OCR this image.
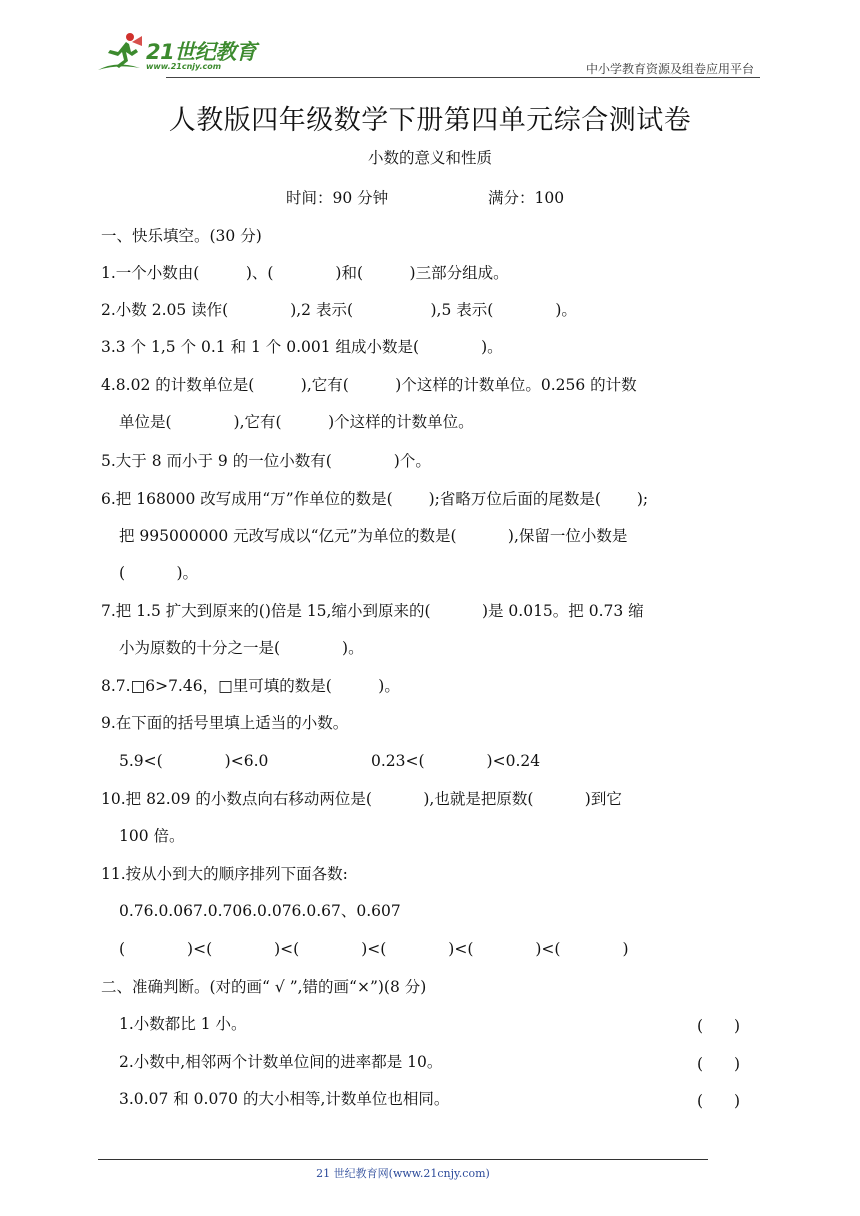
21世纪教育
www.21cnjy.com	中小学教育资源及组卷应用平台
人教版四年级数学下册第四单元综合测试卷
小数的意义和性质
时间：90 分钟	满分：100
一、快乐填空。(30 分)
1.一个小数由(　　　)、(　　　　)和(　　　)三部分组成。
2.小数 2.05 读作(　　　　),2 表示(　　　　　),5 表示(　　　　)。
3.3 个 1,5 个 0.1 和 1 个 0.001 组成小数是(　　　　)。
4.8.02 的计数单位是(　　　),它有(　　　)个这样的计数单位。0.256 的计数
单位是(　　　　),它有(　　　)个这样的计数单位。
5.大于 8 而小于 9 的一位小数有(　　　　)个。
6.把 168000 改写成用“万”作单位的数是(　　 );省略万位后面的尾数是(　　 );
把 995000000 元改写成以“亿元”为单位的数是(　　　 ),保留一位小数是
(　　　 )。
7.把 1.5 扩大到原来的()倍是 15,缩小到原来的(　　　 )是 0.015。把 0.73 缩
小为原数的十分之一是(　　　　)。
8.7.□6>7.46，□里可填的数是(　　　)。
9.在下面的括号里填上适当的小数。
5.9<(　　　　)<6.0	0.23<(　　　　)<0.24
10.把 82.09 的小数点向右移动两位是(　　　 ),也就是把原数(　　　 )到它
100 倍。
11.按从小到大的顺序排列下面各数:
0.76.0.067.0.706.0.076.0.67、0.607
(　　　　)<(　　　　)<(　　　　)<(　　　　)<(　　　　)<(　　　　)
二、准确判断。(对的画“ √ ”,错的画“×”)(8 分)
1.小数都比 1 小。	(　　)
2.小数中,相邻两个计数单位间的进率都是 10。	(　　)
3.0.07 和 0.070 的大小相等,计数单位也相同。	(　　)
21 世纪教育网(www.21cnjy.com)
